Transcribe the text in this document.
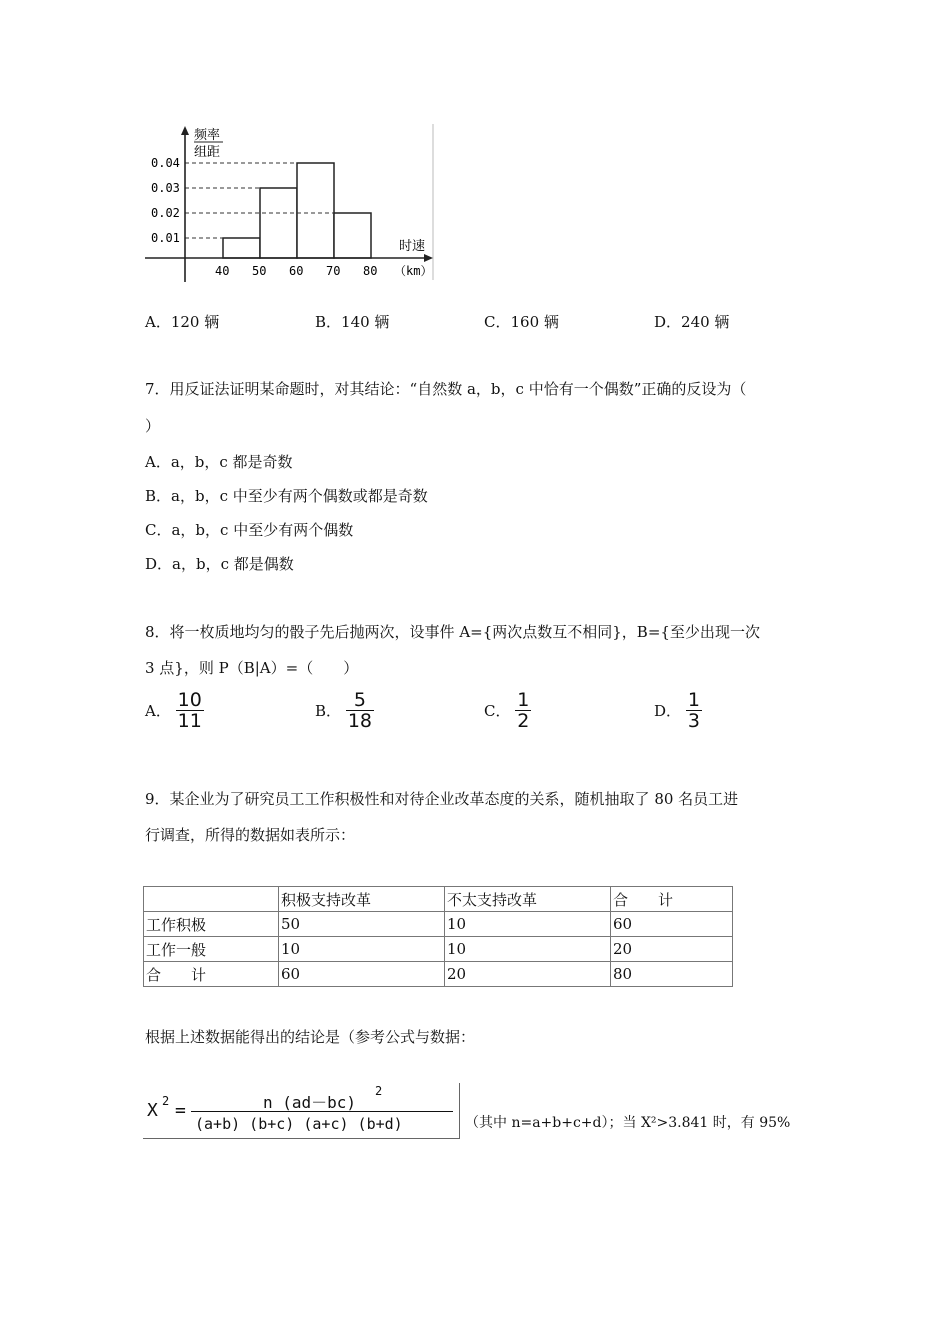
0.01
0.02
0.03
0.04
40 50 60 70 80
频率
组距
时速
（km）
A．120 辆	B．140 辆	C．160 辆	D．240 辆
7．用反证法证明某命题时，对其结论：“自然数 a，b，c 中恰有一个偶数”正确的反设为（
）
A．a，b，c 都是奇数
B．a，b，c 中至少有两个偶数或都是奇数
C．a，b，c 中至少有两个偶数
D．a，b，c 都是偶数
8．将一枚质地均匀的骰子先后抛两次，设事件 A={两次点数互不相同}，B={至少出现一次
3 点}，则 P（B|A）=（　　）
A． $\frac{10}{11}$	B． $\frac{5}{18}$	C． $\frac{1}{2}$	D． $\frac{1}{3}$
9．某企业为了研究员工工作积极性和对待企业改革态度的关系，随机抽取了 80 名员工进
行调查，所得的数据如表所示：
	积极支持改革	不太支持改革	合　　计
工作积极	50	10	60
工作一般	10	10	20
合　　计	60	20	80
根据上述数据能得出的结论是（参考公式与数据：
X 2 =	n (ad－bc)
2
(a+b) (b+c) (a+c) (b+d)	（其中 n=a+b+c+d）；当 X²>3.841 时，有 95%
